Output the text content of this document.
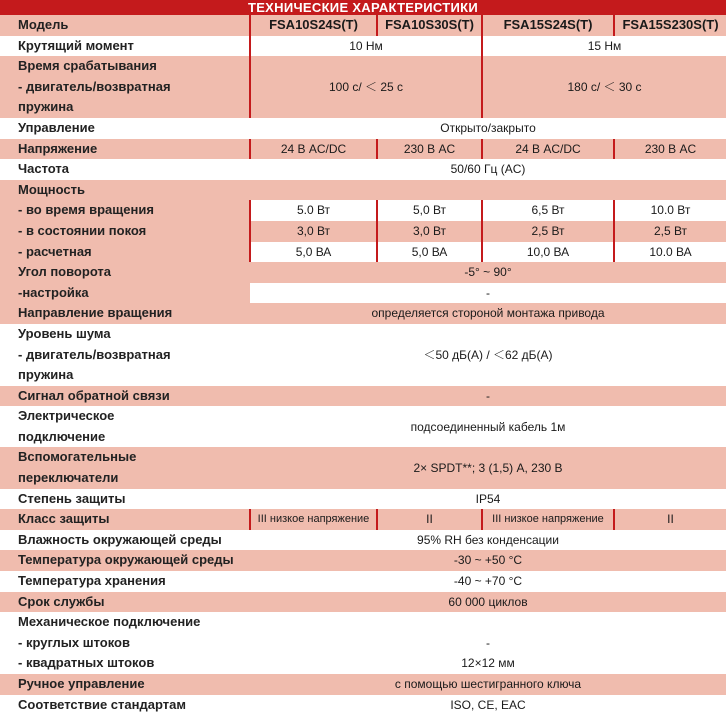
ТЕХНИЧЕСКИЕ ХАРАКТЕРИСТИКИ				
Модель	FSA10S24S(T)	FSA10S30S(T)	FSA15S24S(T)	FSA15S230S(T)
Крутящий момент	10 Нм		15 Нм	

Время срабатывания
- двигатель/возвратная
пружина	100 с/ ＜ 25 с		180 с/ ＜ 30 с	
Управление	Открыто/закрыто			
Напряжение	24 В AC/DC	230 В AC	24 В AC/DC	230 В AC
Частота	50/60 Гц (AC)			
Мощность				
- во время вращения	5.0 Вт	5,0 Вт	6,5 Вт	10.0 Вт
- в состоянии покоя	3,0 Вт	3,0 Вт	2,5 Вт	2,5 Вт
- расчетная	5,0 ВА	5,0 ВА	10,0 ВА	10.0 ВА
Угол поворота	-5° ~ 90°			
-настройка	-			
Направление вращения	определяется стороной монтажа привода			

Уровень шума
- двигатель/возвратная
пружина	＜50 дБ(А) / ＜62 дБ(А)			
Сигнал обратной связи	-			

Электрическое
подключение	подсоединенный кабель 1м			

Вспомогательные
переключатели	2× SPDT**; 3 (1,5) А, 230 В			
Степень защиты	IP54			
Класс защиты	III низкое напряжение	II	III низкое напряжение	II
Влажность окружающей среды	95% RH без конденсации			
Температура окружающей среды	-30 ~ +50 °C			
Температура хранения	-40 ~ +70 °C			
Срок службы	60 000 циклов			
Механическое подключение				
- круглых штоков	-			
- квадратных штоков	12×12 мм			
Ручное управление	с помощью шестигранного ключа			
Соответствие стандартам	ISO, CE, EAC			
